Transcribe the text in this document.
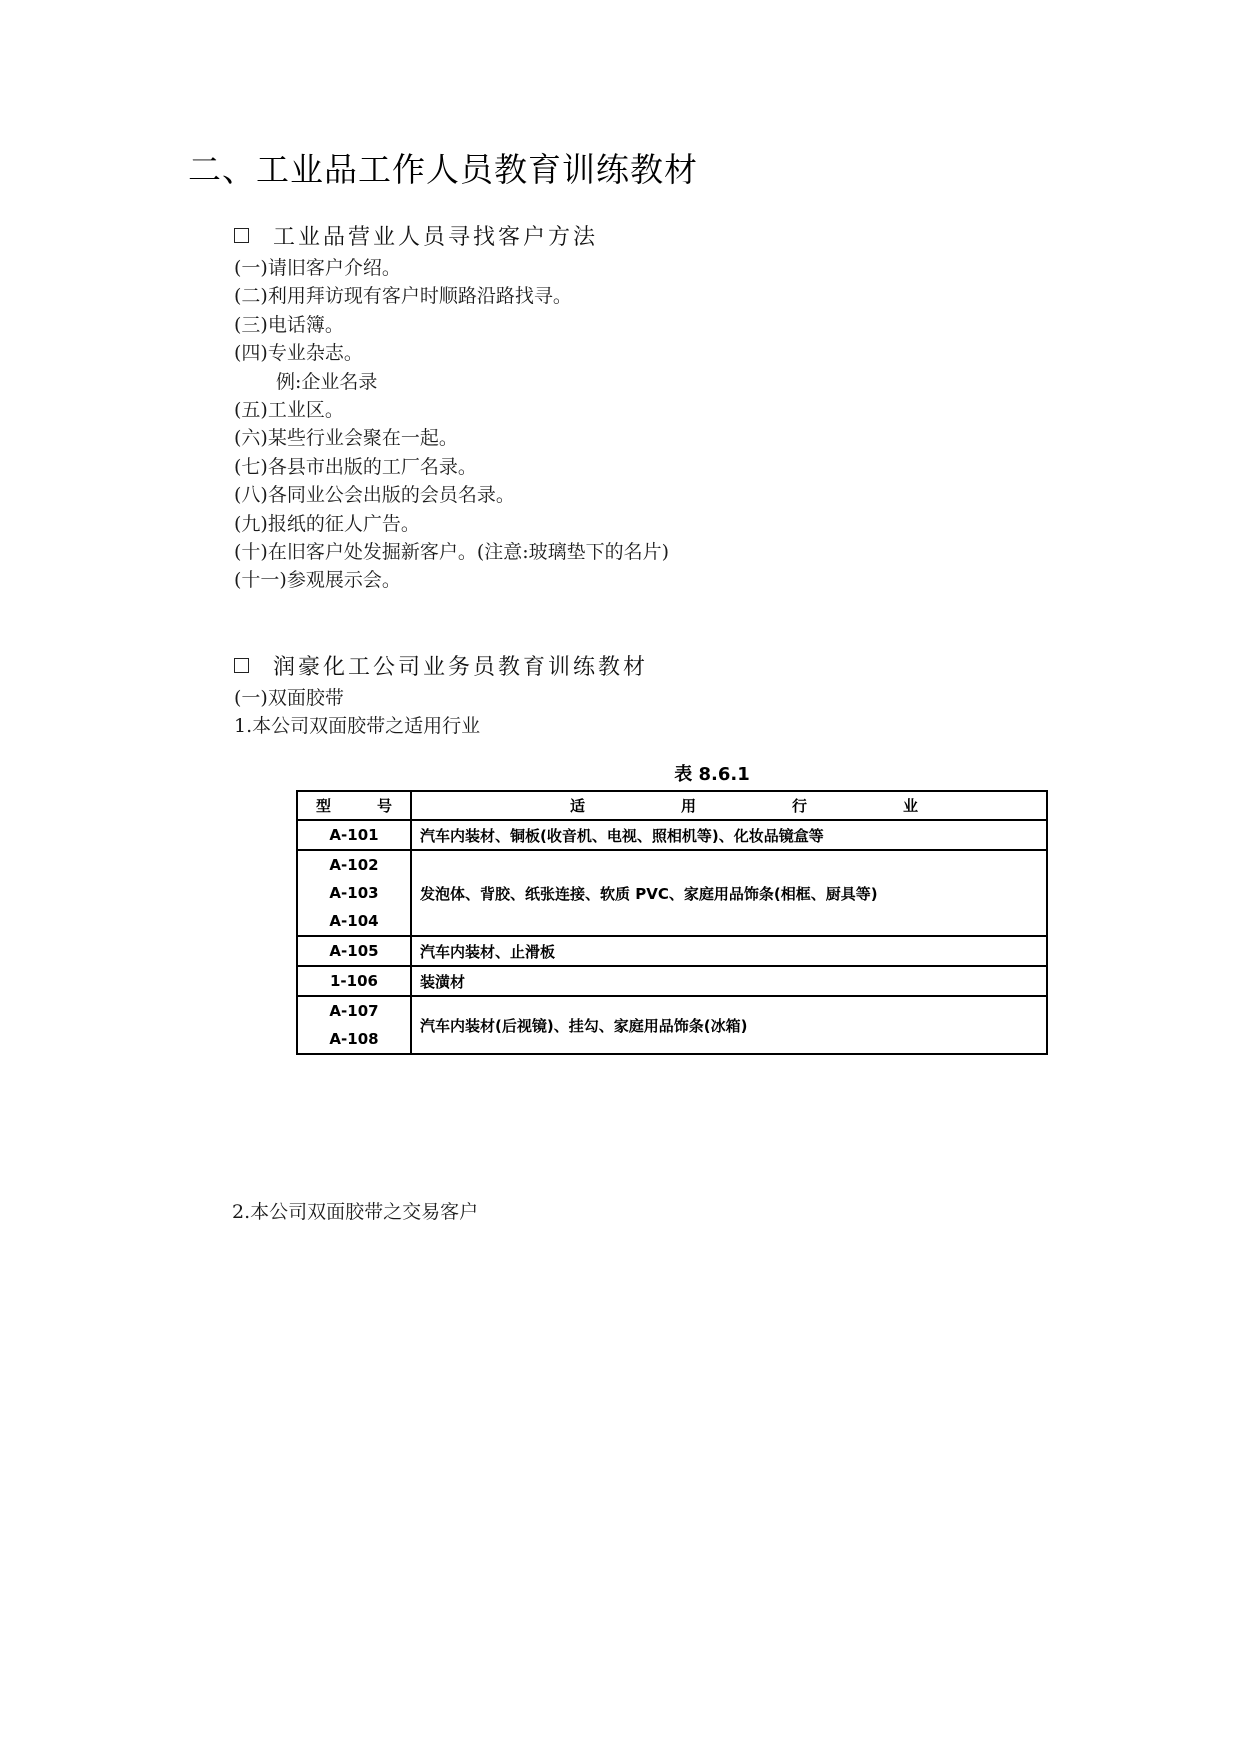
二、工业品工作人员教育训练教材
工业品营业人员寻找客户方法
(一)请旧客户介绍。
(二)利用拜访现有客户时顺路沿路找寻。
(三)电话簿。
(四)专业杂志。
例:企业名录
(五)工业区。
(六)某些行业会聚在一起。
(七)各县市出版的工厂名录。
(八)各同业公会出版的会员名录。
(九)报纸的征人广告。
(十)在旧客户处发掘新客户。(注意:玻璃垫下的名片)
(十一)参观展示会。
润豪化工公司业务员教育训练教材
(一)双面胶带
1.本公司双面胶带之适用行业
表 8.6.1
型 号	适 用 行 业

A-101	汽车内装材、铜板(收音机、电视、照相机等)、化妆品镜盒等

A-102
A-103
A-104	发泡体、背胶、纸张连接、软质 PVC、家庭用品饰条(相框、厨具等)

A-105	汽车内装材、止滑板

1-106	装潢材

A-107
A-108	汽车内装材(后视镜)、挂勾、家庭用品饰条(冰箱)
2.本公司双面胶带之交易客户
